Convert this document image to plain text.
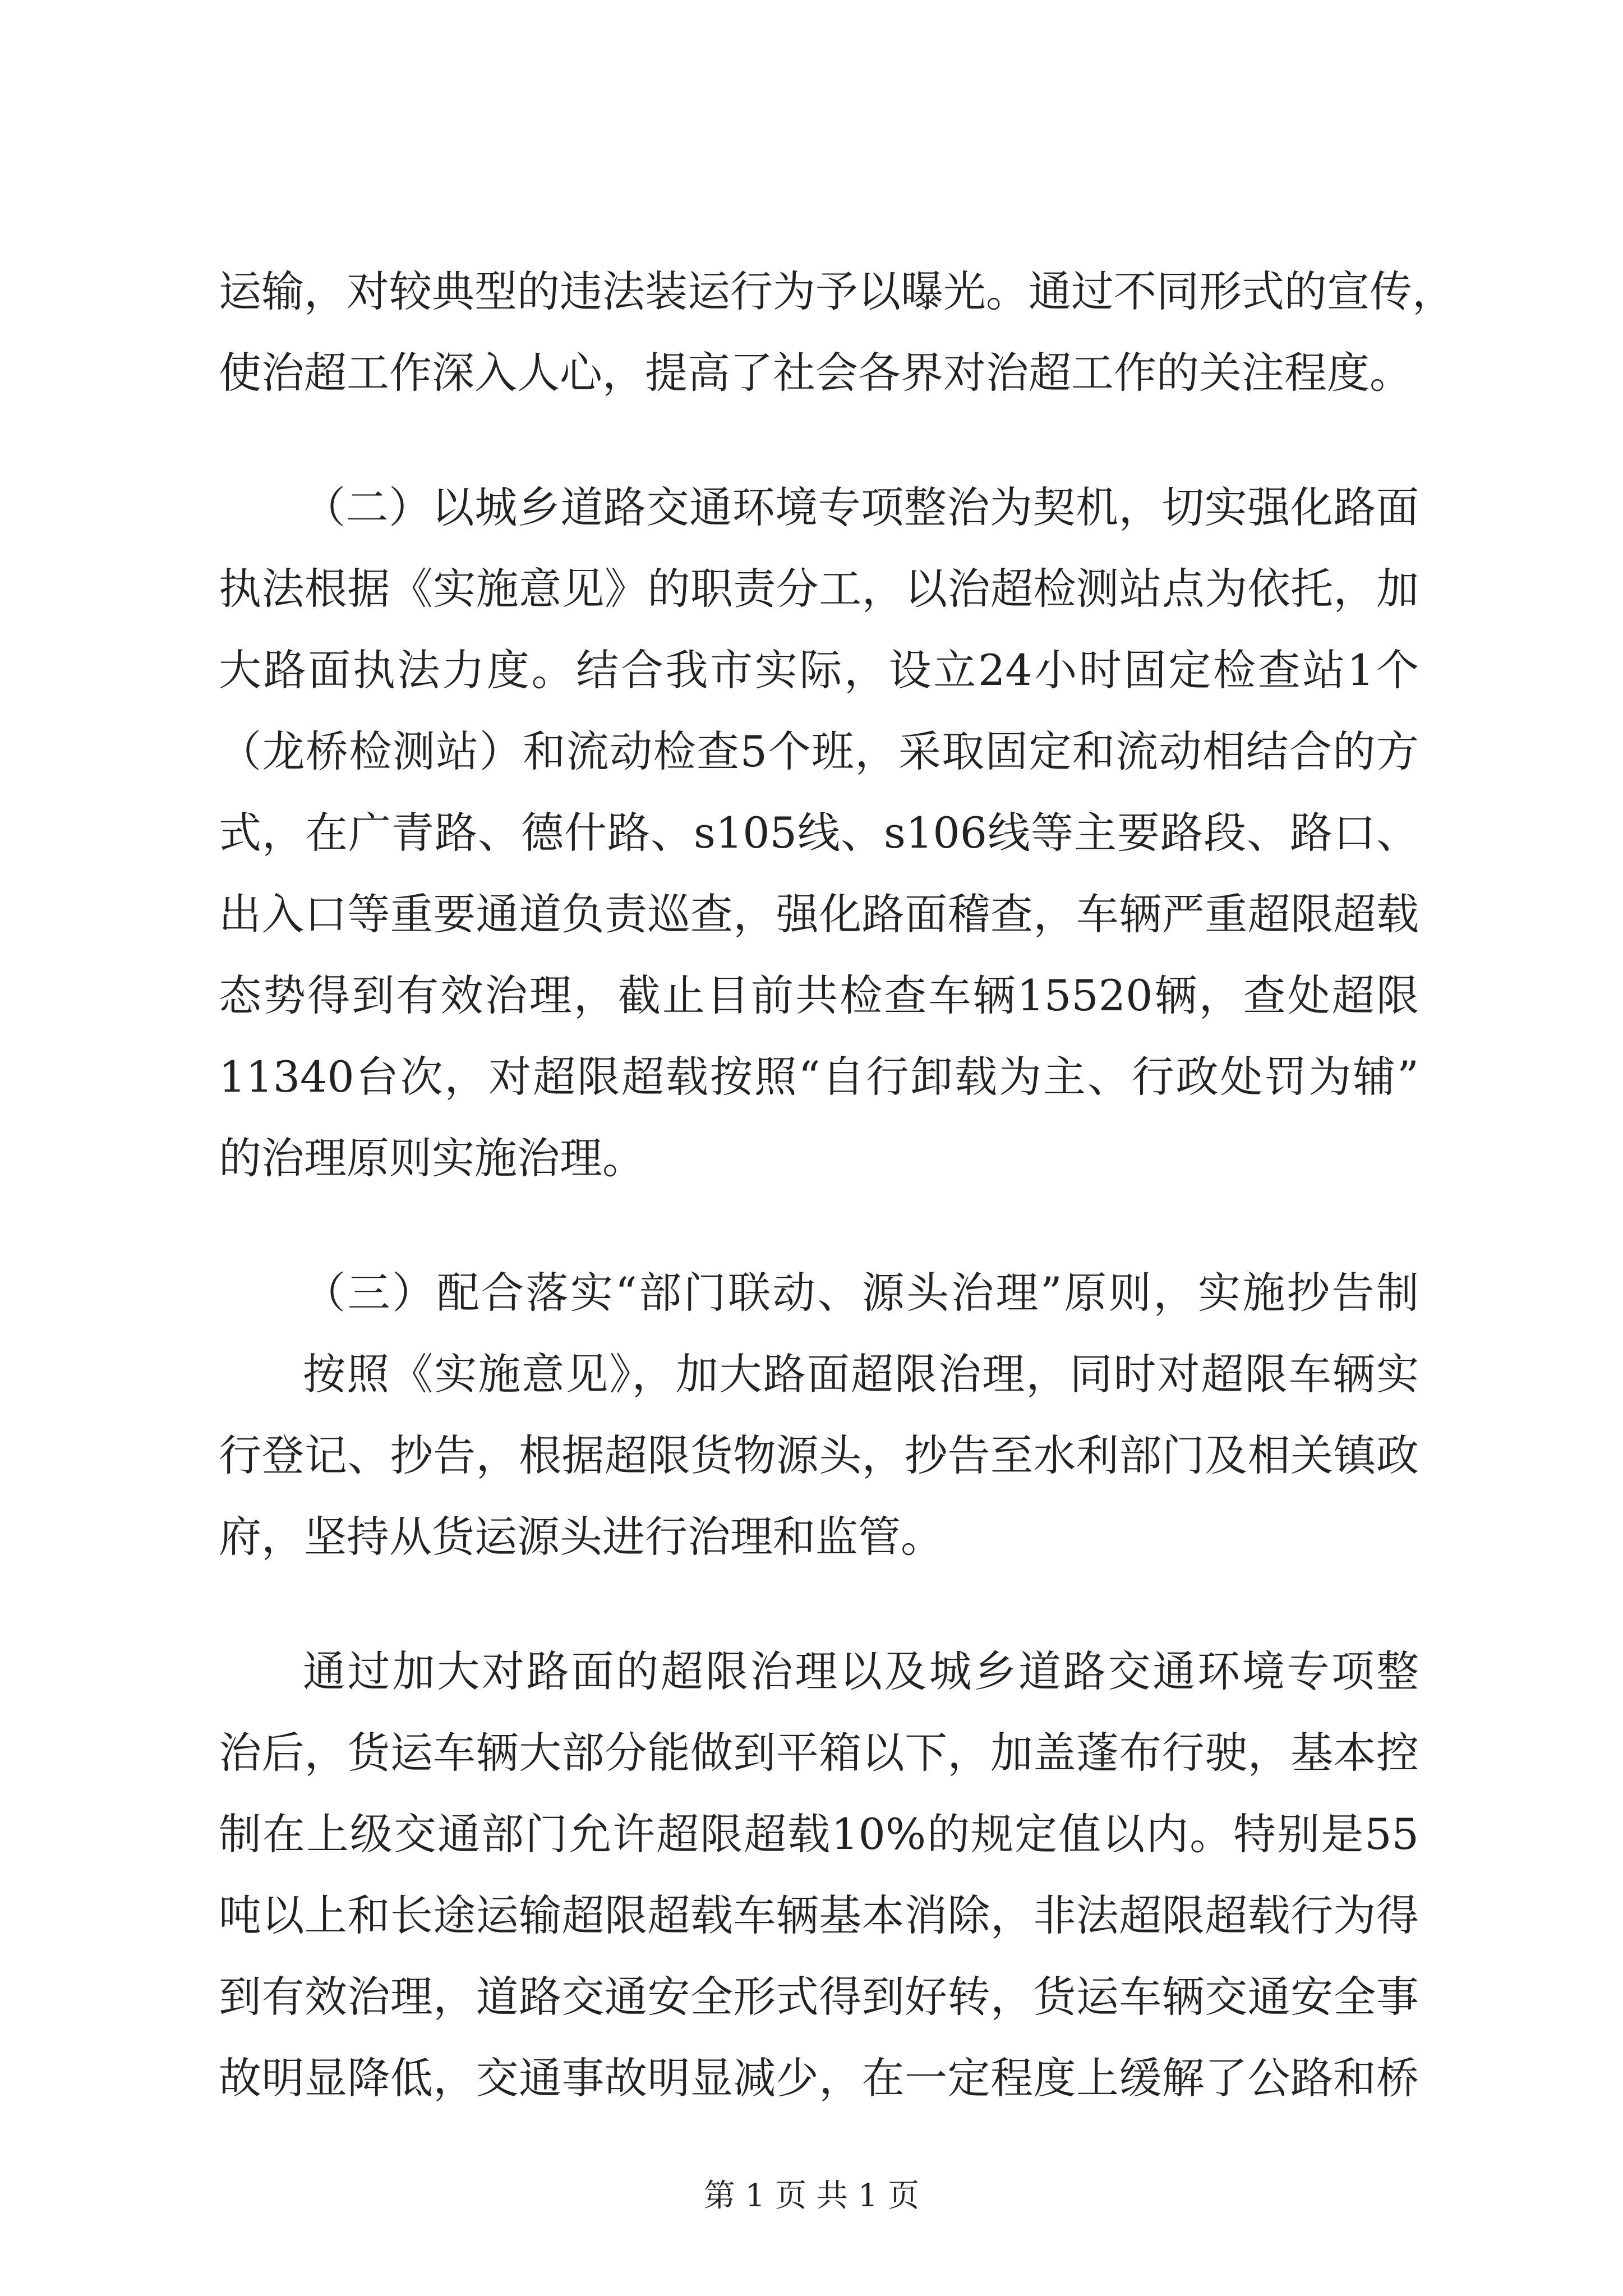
运输，对较典型的违法装运行为予以曝光。通过不同形式的宣传，
使治超工作深入人心，提高了社会各界对治超工作的关注程度。
（二）以城乡道路交通环境专项整治为契机，切实强化路面
执法根据《实施意见》的职责分工，以治超检测站点为依托，加
大路面执法力度。结合我市实际，设立24小时固定检查站1个
（龙桥检测站）和流动检查5个班，采取固定和流动相结合的方
式，在广青路、德什路、s105线、s106线等主要路段、路口、
出入口等重要通道负责巡查，强化路面稽查，车辆严重超限超载
态势得到有效治理，截止目前共检查车辆15520辆，查处超限
11340台次，对超限超载按照“自行卸载为主、行政处罚为辅”
的治理原则实施治理。
（三）配合落实“部门联动、源头治理”原则，实施抄告制
按照《实施意见》，加大路面超限治理，同时对超限车辆实
行登记、抄告，根据超限货物源头，抄告至水利部门及相关镇政
府，坚持从货运源头进行治理和监管。
通过加大对路面的超限治理以及城乡道路交通环境专项整
治后，货运车辆大部分能做到平箱以下，加盖蓬布行驶，基本控
制在上级交通部门允许超限超载10%的规定值以内。特别是55
吨以上和长途运输超限超载车辆基本消除，非法超限超载行为得
到有效治理，道路交通安全形式得到好转，货运车辆交通安全事
故明显降低，交通事故明显减少，在一定程度上缓解了公路和桥
第 1 页 共 1 页
